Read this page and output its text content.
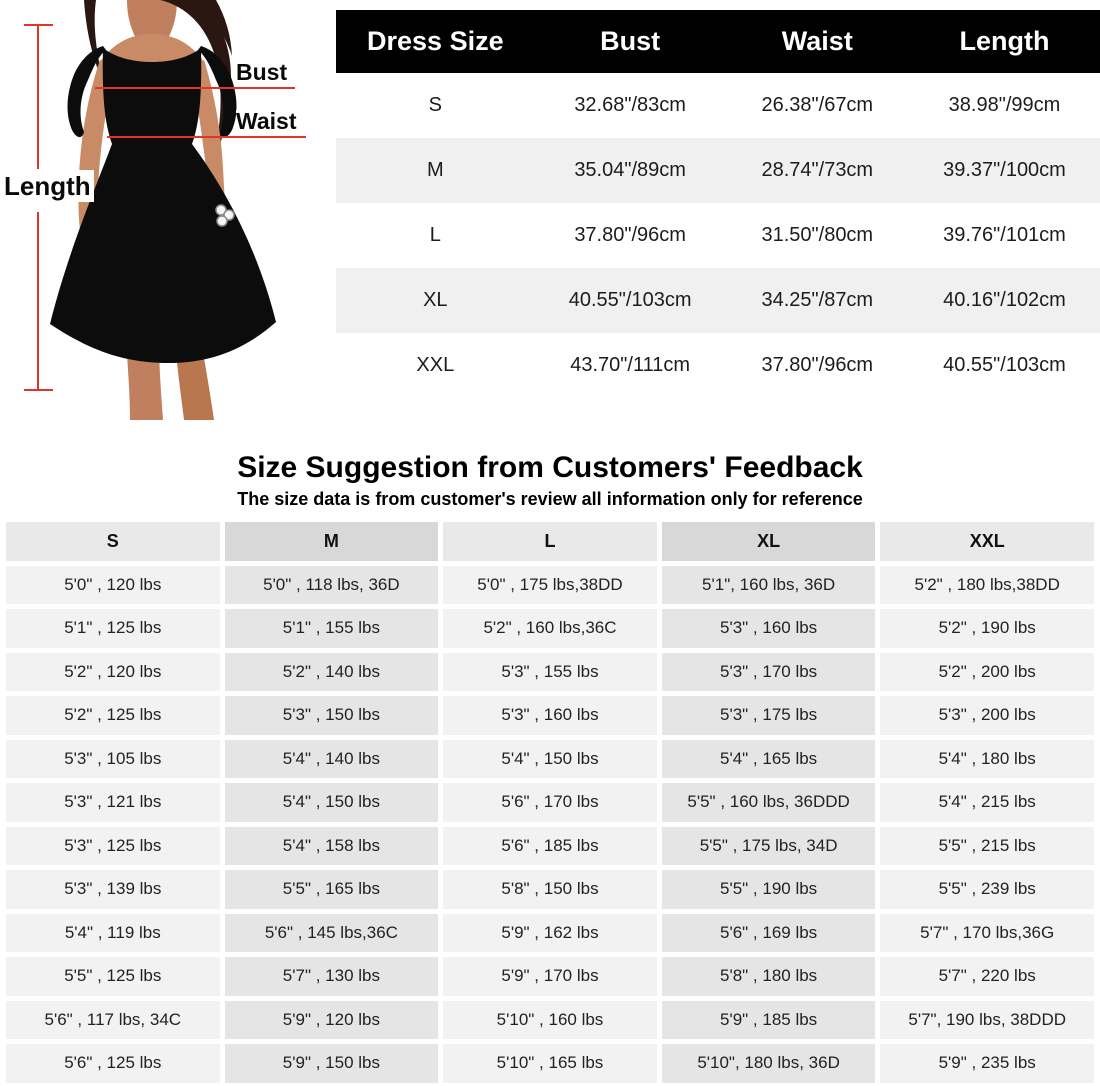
Bust
Waist
Length
Dress Size	Bust	Waist	Length
S	32.68"/83cm	26.38"/67cm	38.98"/99cm
M	35.04"/89cm	28.74"/73cm	39.37"/100cm
L	37.80"/96cm	31.50"/80cm	39.76"/101cm
XL	40.55"/103cm	34.25"/87cm	40.16"/102cm
XXL	43.70"/111cm	37.80"/96cm	40.55"/103cm
Size Suggestion from Customers' Feedback
The size data is from customer's review all information only for reference
S	M	L	XL	XXL
5'0" , 120 lbs	5'0" , 118 lbs, 36D	5'0" , 175 lbs,38DD	5'1", 160 lbs, 36D	5'2" , 180 lbs,38DD
5'1" , 125 lbs	5'1" , 155 lbs	5'2" , 160 lbs,36C	5'3" , 160 lbs	5'2" , 190 lbs
5'2" , 120 lbs	5'2" , 140 lbs	5'3" , 155 lbs	5'3" , 170 lbs	5'2" , 200 lbs
5'2" , 125 lbs	5'3" , 150 lbs	5'3" , 160 lbs	5'3" , 175 lbs	5'3" , 200 lbs
5'3" , 105 lbs	5'4" , 140 lbs	5'4" , 150 lbs	5'4" , 165 lbs	5'4" , 180 lbs
5'3" , 121 lbs	5'4" , 150 lbs	5'6" , 170 lbs	5'5" , 160 lbs, 36DDD	5'4" , 215 lbs
5'3" , 125 lbs	5'4" , 158 lbs	5'6" , 185 lbs	5'5" , 175 lbs, 34D	5'5" , 215 lbs
5'3" , 139 lbs	5'5" , 165 lbs	5'8" , 150 lbs	5'5" , 190 lbs	5'5" , 239 lbs
5'4" , 119 lbs	5'6" , 145 lbs,36C	5'9" , 162 lbs	5'6" , 169 lbs	5'7" , 170 lbs,36G
5'5" , 125 lbs	5'7" , 130 lbs	5'9" , 170 lbs	5'8" , 180 lbs	5'7" , 220 lbs
5'6" , 117 lbs, 34C	5'9" , 120 lbs	5'10" , 160 lbs	5'9" , 185 lbs	5'7", 190 lbs, 38DDD
5'6" , 125 lbs	5'9" , 150 lbs	5'10" , 165 lbs	5'10", 180 lbs, 36D	5'9" , 235 lbs
